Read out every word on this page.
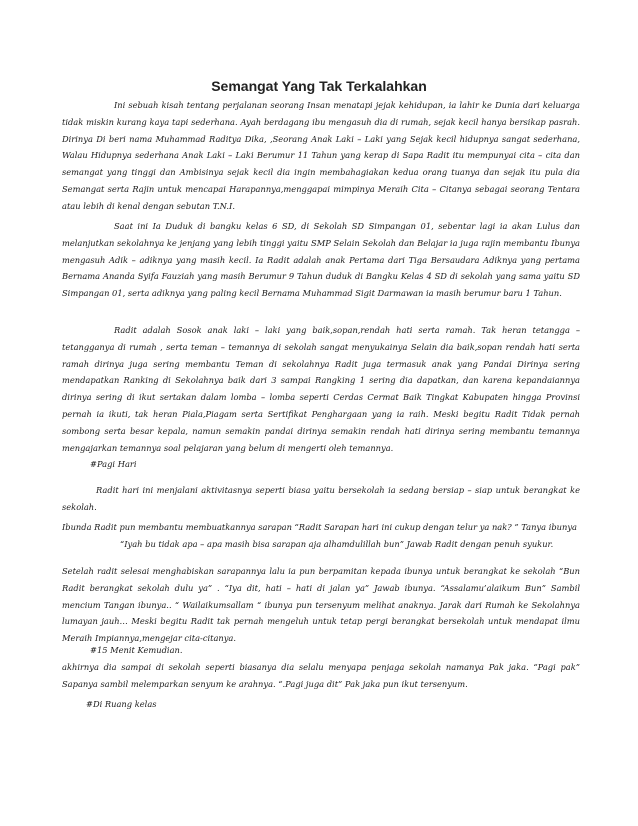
Semangat Yang Tak Terkalahkan

Ini sebuah kisah tentang perjalanan seorang Insan menatapi jejak kehidupan, ia lahir ke Dunia dari keluarga tidak miskin kurang kaya tapi sederhana. Ayah berdagang ibu mengasuh dia di rumah, sejak kecil hanya bersikap pasrah. Dirinya Di beri nama Muhammad Raditya Dika, ,Seorang Anak Laki – Laki yang Sejak kecil hidupnya sangat sederhana, Walau Hidupnya sederhana Anak Laki – Laki Berumur 11 Tahun yang kerap di Sapa Radit itu mempunyai cita – cita dan semangat yang tinggi dan Ambisinya sejak kecil dia ingin membahagiakan kedua orang tuanya dan sejak itu pula dia Semangat serta Rajin untuk mencapai Harapannya,menggapai mimpinya Meraih Cita – Citanya sebagai seorang Tentara atau lebih di kenal dengan sebutan T.N.I.

Saat ini Ia Duduk di bangku kelas 6 SD, di Sekolah SD Simpangan 01, sebentar lagi ia akan Lulus dan melanjutkan sekolahnya ke jenjang yang lebih tinggi yaitu SMP Selain Sekolah dan Belajar ia juga rajin membantu Ibunya mengasuh Adik – adiknya yang masih kecil. Ia Radit adalah anak Pertama dari Tiga Bersaudara Adiknya yang pertama Bernama Ananda Syifa Fauziah yang masih Berumur 9 Tahun duduk di Bangku Kelas 4 SD di sekolah yang sama yaitu SD Simpangan 01, serta adiknya yang paling kecil Bernama Muhammad Sigit Darmawan ia masih berumur baru 1 Tahun.

Radit adalah Sosok anak laki – laki yang baik,sopan,rendah hati serta ramah. Tak heran tetangga – tetangganya di rumah , serta teman – temannya di sekolah sangat menyukainya Selain dia baik,sopan rendah hati serta ramah dirinya juga sering membantu Teman di sekolahnya Radit juga termasuk anak yang Pandai Dirinya sering mendapatkan Ranking di Sekolahnya baik dari 3 sampai Rangking 1 sering dia dapatkan, dan karena kepandaiannya dirinya sering di ikut sertakan dalam lomba – lomba seperti Cerdas Cermat Baik Tingkat Kabupaten hingga Provinsi pernah ia ikuti, tak heran Piala,Piagam serta Sertifikat Penghargaan yang ia raih. Meski begitu Radit Tidak pernah sombong serta besar kepala, namun semakin pandai dirinya semakin rendah hati dirinya sering membantu temannya mengajarkan temannya soal pelajaran yang belum di mengerti oleh temannya.

#Pagi Hari

Radit hari ini menjalani aktivitasnya seperti biasa yaitu bersekolah ia sedang bersiap – siap untuk berangkat ke sekolah.

Ibunda Radit pun membantu membuatkannya sarapan “Radit Sarapan hari ini cukup dengan telur ya nak? ” Tanya ibunya

“Iyah bu tidak apa – apa masih bisa sarapan aja alhamdulillah bun” Jawab Radit dengan penuh syukur.

Setelah radit selesai menghabiskan sarapannya lalu ia pun berpamitan kepada ibunya untuk berangkat ke sekolah “Bun Radit berangkat sekolah dulu ya” . “Iya dit, hati – hati di jalan ya” Jawab ibunya. “Assalamu’alaikum Bun” Sambil mencium Tangan ibunya.. “ Wailaikumsallam “ ibunya pun tersenyum melihat anaknya. Jarak dari Rumah ke Sekolahnya lumayan jauh… Meski begitu Radit tak pernah mengeluh untuk tetap pergi berangkat bersekolah untuk mendapat ilmu Meraih Impiannya,mengejar cita-citanya.

#15 Menit Kemudian.

akhirnya dia sampai di sekolah seperti biasanya dia selalu menyapa penjaga sekolah namanya Pak jaka. “Pagi pak” Sapanya sambil melemparkan senyum ke arahnya. “.Pagi juga dit” Pak jaka pun ikut tersenyum.

#Di Ruang kelas
